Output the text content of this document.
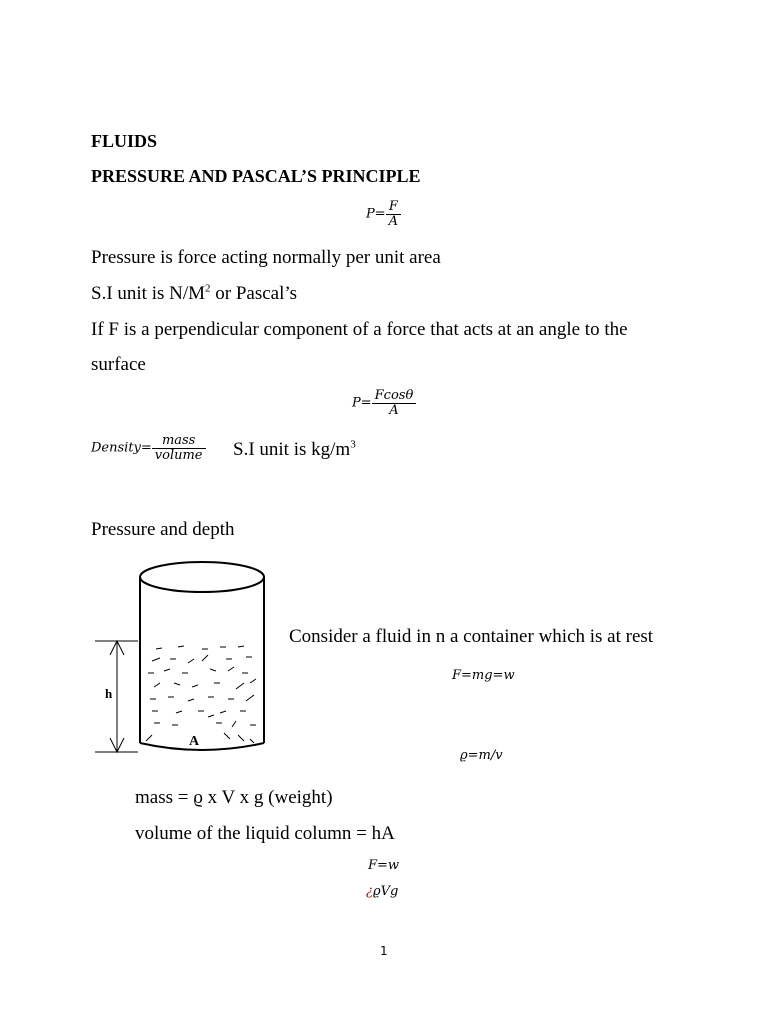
FLUIDS
PRESSURE AND PASCAL’S PRINCIPLE
$P= \frac{F}{A}$
Pressure is force acting normally per unit area
S.I unit is $N/M^2$ or Pascal’s
If F is a perpendicular component of a force that acts at an angle to the
surface
$P= \frac{Fcos\theta}{A}$
Density= $\frac{\text{mass}}{\text{volume}} S.I$ unit is $kg/m^3$
Pressure and depth
h
A
Consider a fluid in n a container which is at rest
F=mg=w
ϱ=m/v
mass = ϱ x V x g (weight)
volume of the liquid column = hA
F=w
¿ϱVg
1
